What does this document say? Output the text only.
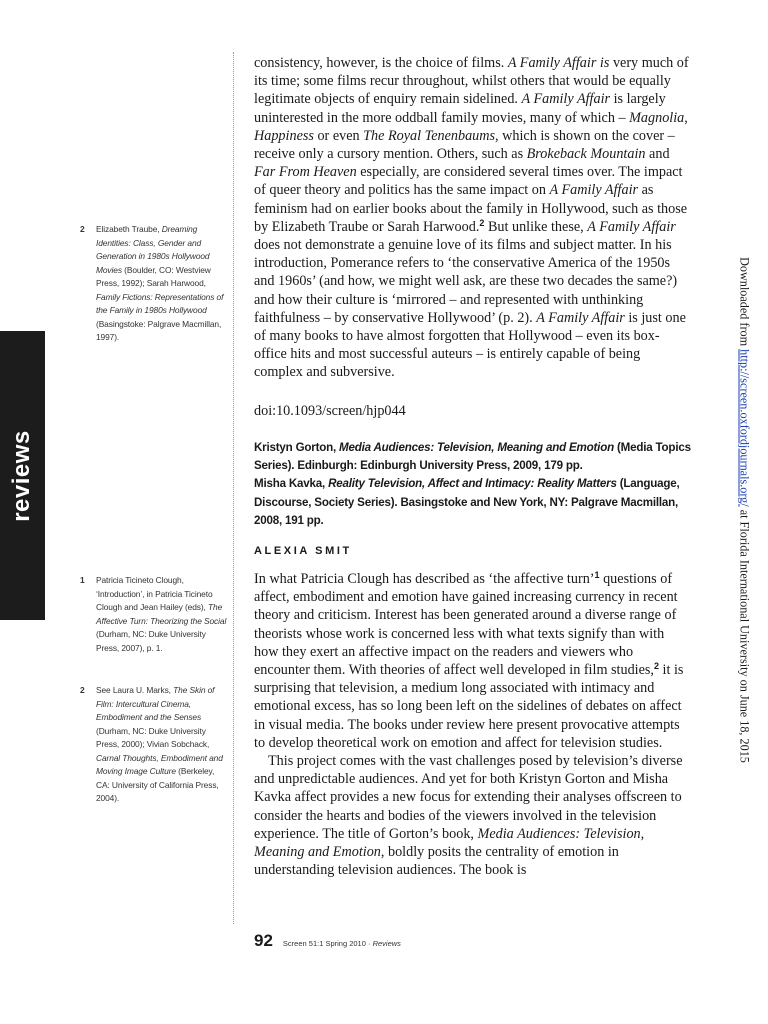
reviews
2 Elizabeth Traube, Dreaming Identities: Class, Gender and Generation in 1980s Hollywood Movies (Boulder, CO: Westview Press, 1992); Sarah Harwood, Family Fictions: Representations of the Family in 1980s Hollywood (Basingstoke: Palgrave Macmillan, 1997).
1 Patricia Ticineto Clough, ‘Introduction’, in Patricia Ticineto Clough and Jean Hailey (eds), The Affective Turn: Theorizing the Social (Durham, NC: Duke University Press, 2007), p. 1.
2 See Laura U. Marks, The Skin of Film: Intercultural Cinema, Embodiment and the Senses (Durham, NC: Duke University Press, 2000); Vivian Sobchack, Carnal Thoughts, Embodiment and Moving Image Culture (Berkeley, CA: University of California Press, 2004).

consistency, however, is the choice of films. A Family Affair is very much of its time; some films recur throughout, whilst others that would be equally legitimate objects of enquiry remain sidelined. A Family Affair is largely uninterested in the more oddball family movies, many of which – Magnolia, Happiness or even The Royal Tenenbaums, which is shown on the cover – receive only a cursory mention. Others, such as Brokeback Mountain and Far From Heaven especially, are considered several times over. The impact of queer theory and politics has the same impact on A Family Affair as feminism had on earlier books about the family in Hollywood, such as those by Elizabeth Traube or Sarah Harwood.$^2$ But unlike these, A Family Affair does not demonstrate a genuine love of its films and subject matter. In his introduction, Pomerance refers to ‘the conservative America of the 1950s and 1960s’ (and how, we might well ask, are these two decades the same?) and how their culture is ‘mirrored – and represented with unthinking faithfulness – by conservative Hollywood’ (p. 2). A Family Affair is just one of many books to have almost forgotten that Hollywood – even its box-office hits and most successful auteurs – is entirely capable of being complex and subversive.

doi:10.1093/screen/hjp044
Kristyn Gorton, Media Audiences: Television, Meaning and Emotion (Media Topics Series). Edinburgh: Edinburgh University Press, 2009, 179 pp.
Misha Kavka, Reality Television, Affect and Intimacy: Reality Matters (Language, Discourse, Society Series). Basingstoke and New York, NY: Palgrave Macmillan, 2008, 191 pp.
ALEXIA SMIT

In what Patricia Clough has described as ‘the affective turn’$^1$ questions of affect, embodiment and emotion have gained increasing currency in recent theory and criticism. Interest has been generated around a diverse range of theorists whose work is concerned less with what texts signify than with how they exert an affective impact on the readers and viewers who encounter them. With theories of affect well developed in film studies,$^2$ it is surprising that television, a medium long associated with intimacy and emotional excess, has so long been left on the sidelines of debates on affect in visual media. The books under review here present provocative attempts to develop theoretical work on emotion and affect for television studies.

This project comes with the vast challenges posed by television’s diverse and unpredictable audiences. And yet for both Kristyn Gorton and Misha Kavka affect provides a new focus for extending their analyses offscreen to consider the hearts and bodies of the viewers involved in the television experience. The title of Gorton’s book, Media Audiences: Television, Meaning and Emotion, boldly posits the centrality of emotion in understanding television audiences. The book is

92 Screen 51:1 Spring 2010 · Reviews
Downloaded from http://screen.oxfordjournals.org/ at Florida International University on June 18, 2015
